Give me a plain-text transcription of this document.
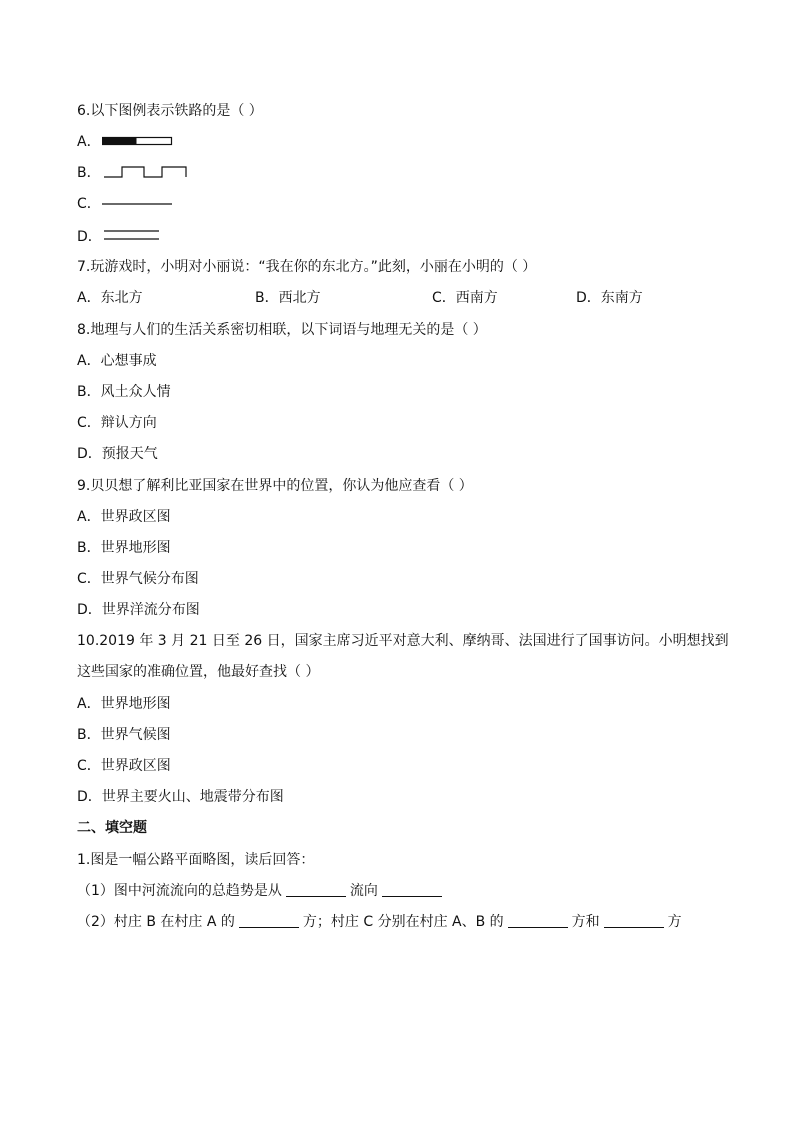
6.以下图例表示铁路的是（ ）
A．
B．
C．
D．
7.玩游戏时，小明对小丽说：“我在你的东北方。”此刻，小丽在小明的（ ）
A．东北方	B．西北方	C．西南方	D．东南方
8.地理与人们的生活关系密切相联，以下词语与地理无关的是（ ）
A．心想事成
B．风土众人情
C．辩认方向
D．预报天气
9.贝贝想了解利比亚国家在世界中的位置，你认为他应查看（ ）
A．世界政区图
B．世界地形图
C．世界气候分布图
D．世界洋流分布图
10.2019 年 3 月 21 日至 26 日，国家主席习近平对意大利、摩纳哥、法国进行了国事访问。小明想找到
这些国家的准确位置，他最好查找（ ）
A．世界地形图
B．世界气候图
C．世界政区图
D．世界主要火山、地震带分布图
二、填空题
1.图是一幅公路平面略图，读后回答：
（1）图中河流流向的总趋势是从	流向
（2）村庄 B 在村庄 A 的	方；村庄 C 分别在村庄 A、B 的	方和	方
